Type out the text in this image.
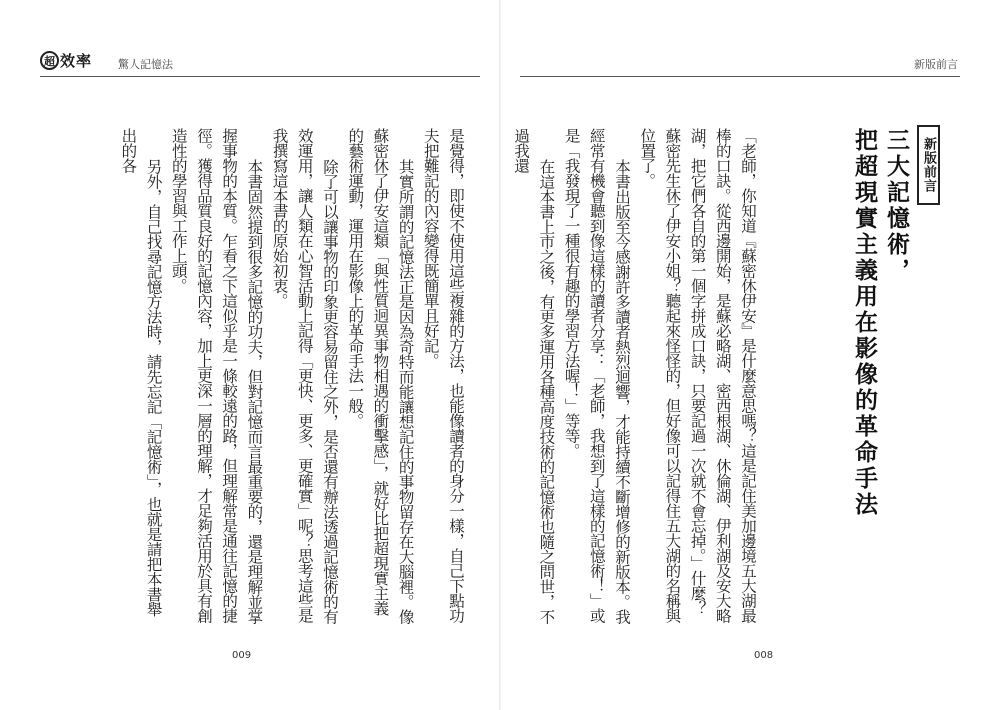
超 效率 驚人記憶法

是覺得，即使不使用這些複雜的方法，也能像讀者的身分一樣，自己下點功夫把難記的內容變得既簡單且好記。

其實所謂的記憶法正是因為奇特而能讓想記住的事物留存在大腦裡。像蘇密休了伊安這類「與性質迥異事物相遇的衝擊感」，就好比把超現實主義的藝術運動，運用在影像上的革命手法一般。

除了可以讓事物的印象更容易留住之外，是否還有辦法透過記憶術的有效運用，讓人類在心智活動上記得「更快、更多、更確實」呢？思考這些是我撰寫這本書的原始初衷。

本書固然提到很多記憶的功夫，但對記憶而言最重要的，還是理解並掌握事物的本質。乍看之下這似乎是一條較遠的路，但理解常是通往記憶的捷徑。獲得品質良好的記憶內容，加上更深一層的理解，才足夠活用於具有創造性的學習與工作上頭。

另外，自己找尋記憶方法時，請先忘記「記憶術」，也就是請把本書舉出的各

009
新版前言

「老師，你知道『蘇密休伊安』是什麼意思嗎？這是記住美加邊境五大湖最棒的口訣。從西邊開始，是蘇必略湖、密西根湖、休倫湖、伊利湖及安大略湖，把它們各自的第一個字拼成口訣，只要記過一次就不會忘掉。」什麼？蘇密先生休了伊安小姐？聽起來怪怪的，但好像可以記得住五大湖的名稱與位置了。

本書出版至今感謝許多讀者熱烈迴響，才能持續不斷增修的新版本。我經常有機會聽到像這樣的讀者分享：「老師，我想到了這樣的記憶術！」或是「我發現了一種很有趣的學習方法喔！」等等。

在這本書上市之後，有更多運用各種高度技術的記憶術也隨之問世，不過我還

008
新版前言
三大記憶術，
把超現實主義用在影像的革命手法
